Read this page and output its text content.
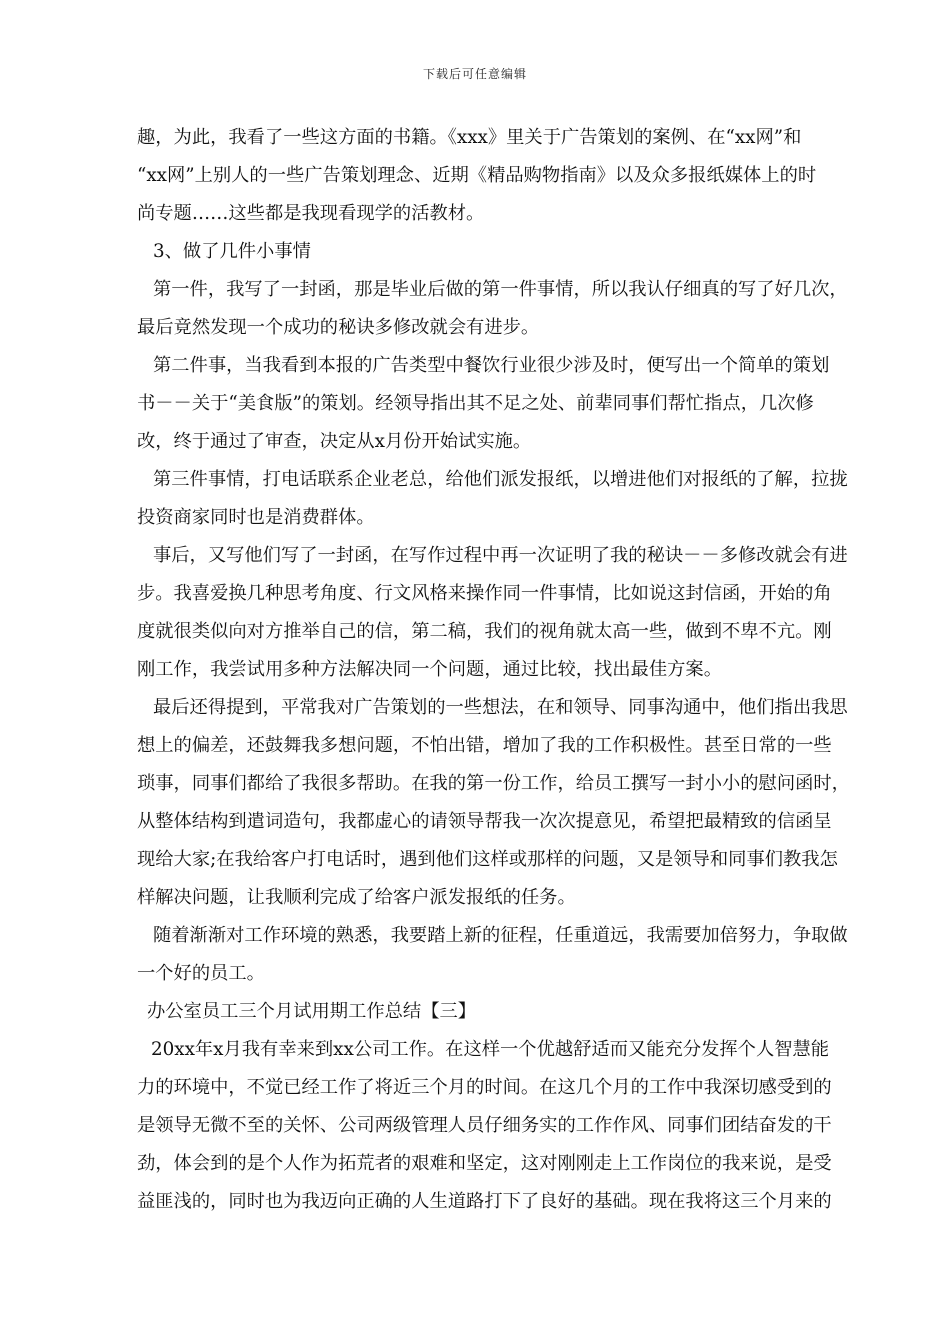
下载后可任意编辑
趣，为此，我看了一些这方面的书籍。《xxx》里关于广告策划的案例、在“xx网”和
“xx网”上别人的一些广告策划理念、近期《精品购物指南》以及众多报纸媒体上的时
尚专题……这些都是我现看现学的活教材。
3、做了几件小事情
第一件，我写了一封函，那是毕业后做的第一件事情，所以我认仔细真的写了好几次，
最后竟然发现一个成功的秘诀多修改就会有进步。
第二件事，当我看到本报的广告类型中餐饮行业很少涉及时，便写出一个简单的策划
书－－关于“美食版”的策划。经领导指出其不足之处、前辈同事们帮忙指点，几次修
改，终于通过了审查，决定从x月份开始试实施。
第三件事情，打电话联系企业老总，给他们派发报纸，以增进他们对报纸的了解，拉拢
投资商家同时也是消费群体。
事后，又写他们写了一封函，在写作过程中再一次证明了我的秘诀－－多修改就会有进
步。我喜爱换几种思考角度、行文风格来操作同一件事情，比如说这封信函，开始的角
度就很类似向对方推举自己的信，第二稿，我们的视角就太高一些，做到不卑不亢。刚
刚工作，我尝试用多种方法解决同一个问题，通过比较，找出最佳方案。
最后还得提到，平常我对广告策划的一些想法，在和领导、同事沟通中，他们指出我思
想上的偏差，还鼓舞我多想问题，不怕出错，增加了我的工作积极性。甚至日常的一些
琐事，同事们都给了我很多帮助。在我的第一份工作，给员工撰写一封小小的慰问函时，
从整体结构到遣词造句，我都虚心的请领导帮我一次次提意见，希望把最精致的信函呈
现给大家;在我给客户打电话时，遇到他们这样或那样的问题，又是领导和同事们教我怎
样解决问题，让我顺利完成了给客户派发报纸的任务。
随着渐渐对工作环境的熟悉，我要踏上新的征程，任重道远，我需要加倍努力，争取做
一个好的员工。
办公室员工三个月试用期工作总结【三】
20xx年x月我有幸来到xx公司工作。在这样一个优越舒适而又能充分发挥个人智慧能
力的环境中，不觉已经工作了将近三个月的时间。在这几个月的工作中我深切感受到的
是领导无微不至的关怀、公司两级管理人员仔细务实的工作作风、同事们团结奋发的干
劲，体会到的是个人作为拓荒者的艰难和坚定，这对刚刚走上工作岗位的我来说，是受
益匪浅的，同时也为我迈向正确的人生道路打下了良好的基础。现在我将这三个月来的
